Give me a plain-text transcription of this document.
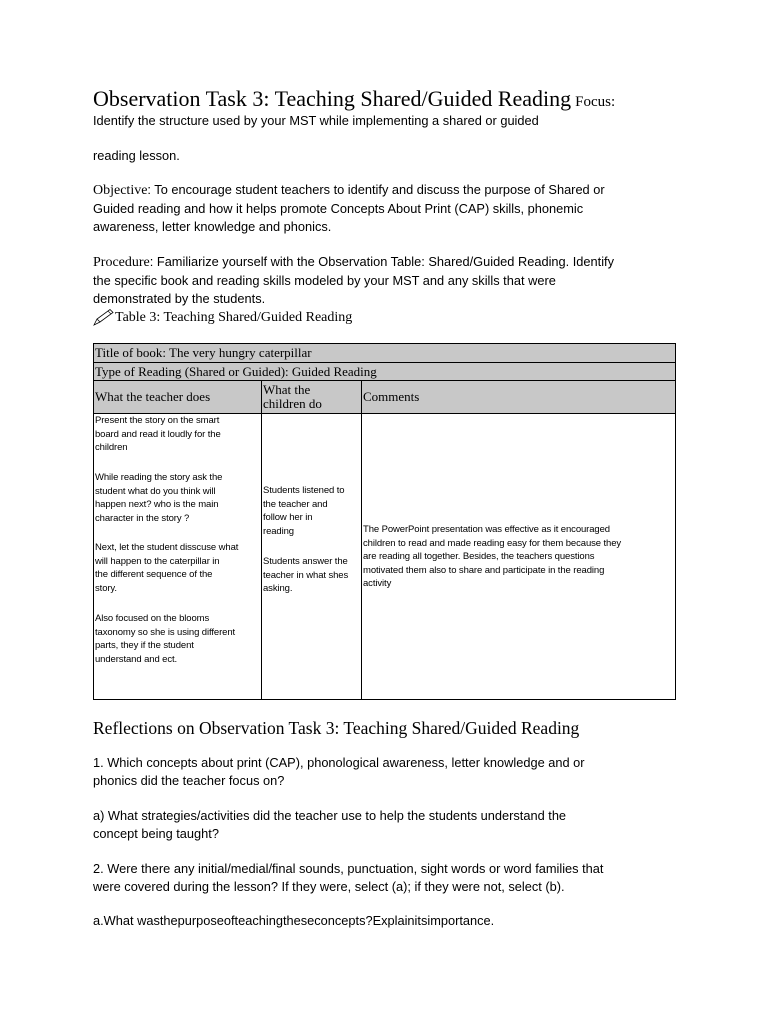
Observation Task 3: Teaching Shared/Guided Reading Focus:
Identify the structure used by your MST while implementing a shared or guided
reading lesson.
Objective: To encourage student teachers to identify and discuss the purpose of Shared or
Guided reading and how it helps promote Concepts About Print (CAP) skills, phonemic
awareness, letter knowledge and phonics.
Procedure: Familiarize yourself with the Observation Table: Shared/Guided Reading. Identify
the specific book and reading skills modeled by your MST and any skills that were
demonstrated by the students.
Table 3: Teaching Shared/Guided Reading
Title of book: The very hungry caterpillar
Type of Reading (Shared or Guided): Guided Reading
What the teacher does	What the
children do	Comments
Present the story on the smart
board and read it loudly for the
children
While reading the story ask the
student what do you think will
happen next? who is the main
character in the story ?
Next, let the student disscuse what
will happen to the caterpillar in
the different sequence of the
story.
Also focused on the blooms
taxonomy so she is using different
parts, they if the student
understand and ect.
Students listened to
the teacher and
follow her in
reading
Students answer the
teacher in what shes
asking.
The PowerPoint presentation was effective as it encouraged
children to read and made reading easy for them because they
are reading all together. Besides, the teachers questions
motivated them also to share and participate in the reading
activity
Reflections on Observation Task 3: Teaching Shared/Guided Reading
1. Which concepts about print (CAP), phonological awareness, letter knowledge and or
phonics did the teacher focus on?
a) What strategies/activities did the teacher use to help the students understand the
concept being taught?
2. Were there any initial/medial/final sounds, punctuation, sight words or word families that
were covered during the lesson? If they were, select (a); if they were not, select (b).
a.What wasthepurposeofteachingtheseconcepts?Explainitsimportance.
